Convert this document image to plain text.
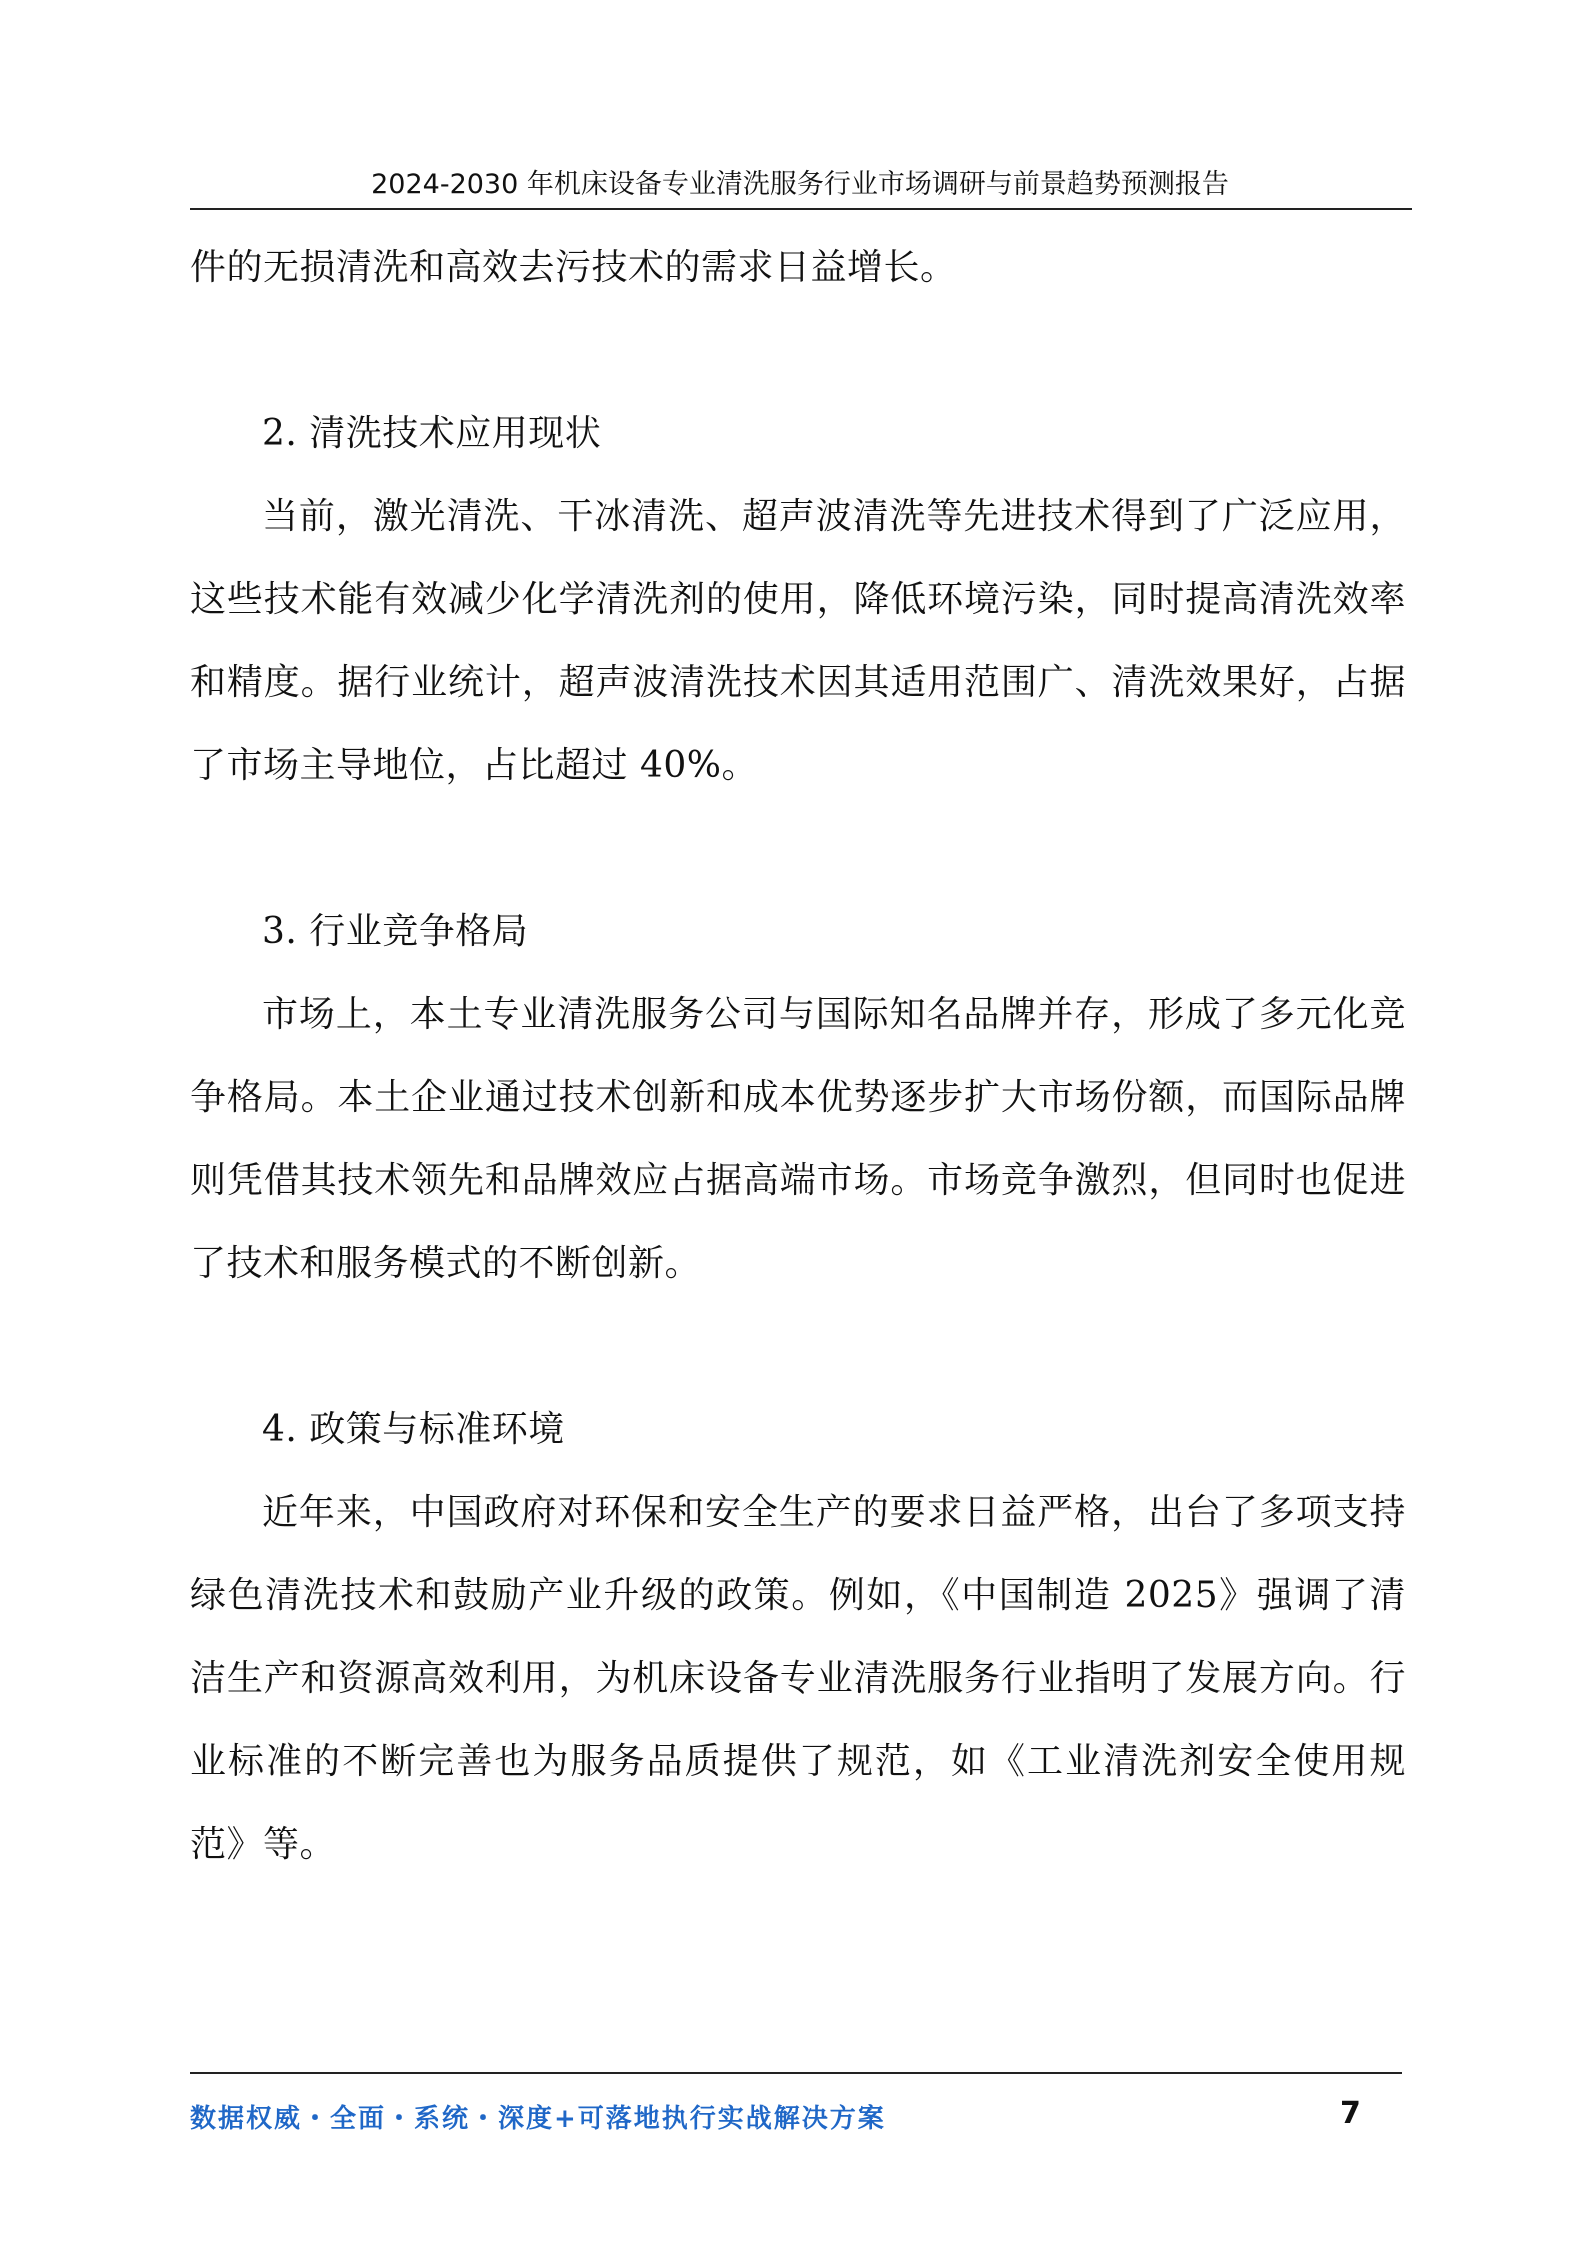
2024-2030 年机床设备专业清洗服务行业市场调研与前景趋势预测报告

件的无损清洗和高效去污技术的需求日益增长。

2. 清洗技术应用现状

当前，激光清洗、干冰清洗、超声波清洗等先进技术得到了广泛应用，这些技术能有效减少化学清洗剂的使用，降低环境污染，同时提高清洗效率和精度。据行业统计，超声波清洗技术因其适用范围广、清洗效果好，占据了市场主导地位，占比超过 40%。

3. 行业竞争格局

市场上，本土专业清洗服务公司与国际知名品牌并存，形成了多元化竞争格局。本土企业通过技术创新和成本优势逐步扩大市场份额，而国际品牌则凭借其技术领先和品牌效应占据高端市场。市场竞争激烈，但同时也促进了技术和服务模式的不断创新。

4. 政策与标准环境

近年来，中国政府对环保和安全生产的要求日益严格，出台了多项支持绿色清洗技术和鼓励产业升级的政策。例如，《中国制造 2025》强调了清洁生产和资源高效利用，为机床设备专业清洗服务行业指明了发展方向。行业标准的不断完善也为服务品质提供了规范，如《工业清洗剂安全使用规范》等。

数据权威・全面・系统・深度+可落地执行实战解决方案	7
